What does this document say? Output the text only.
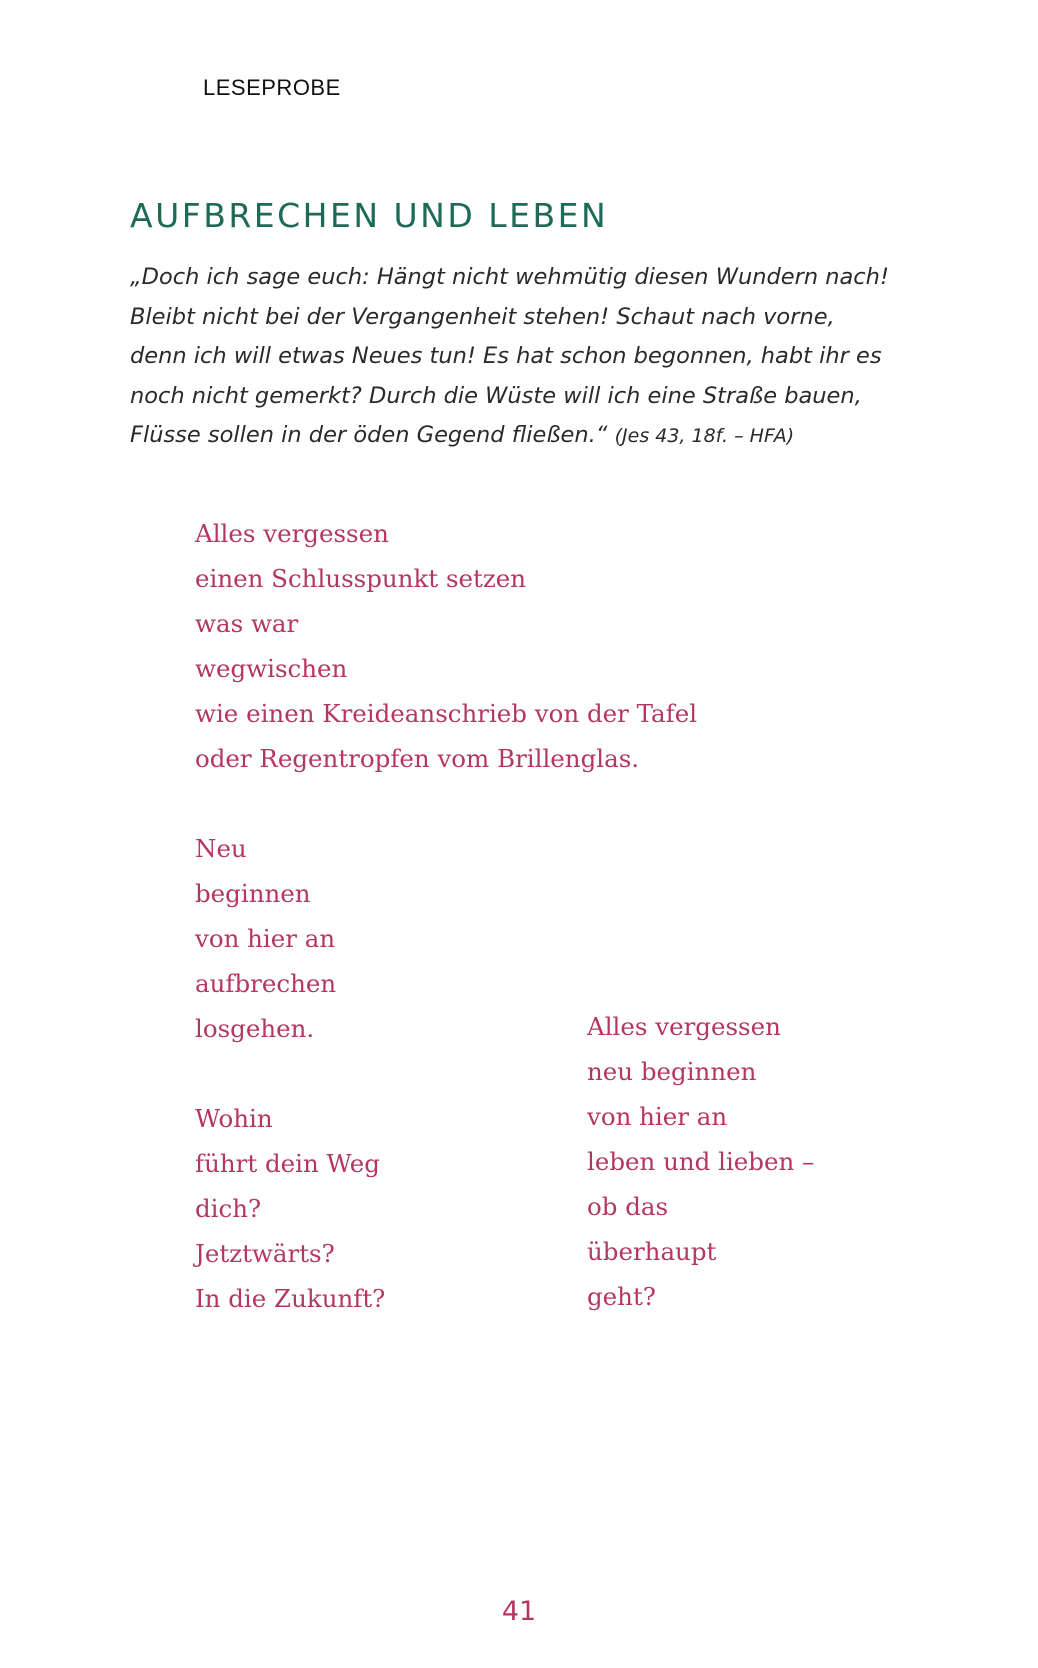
LESEPROBE
AUFBRECHEN UND LEBEN
„Doch ich sage euch: Hängt nicht wehmütig diesen Wundern nach!
Bleibt nicht bei der Vergangenheit stehen! Schaut nach vorne,
denn ich will etwas Neues tun! Es hat schon begonnen, habt ihr es
noch nicht gemerkt? Durch die Wüste will ich eine Straße bauen,
Flüsse sollen in der öden Gegend fließen.“ (Jes 43, 18f. – HFA)
Alles vergessen
einen Schlusspunkt setzen
was war
wegwischen
wie einen Kreideanschrieb von der Tafel
oder Regentropfen vom Brillenglas.
Neu
beginnen
von hier an
aufbrechen
losgehen.
Wohin
führt dein Weg
dich?
Jetztwärts?
In die Zukunft?
Alles vergessen
neu beginnen
von hier an
leben und lieben –
ob das
überhaupt
geht?
41
